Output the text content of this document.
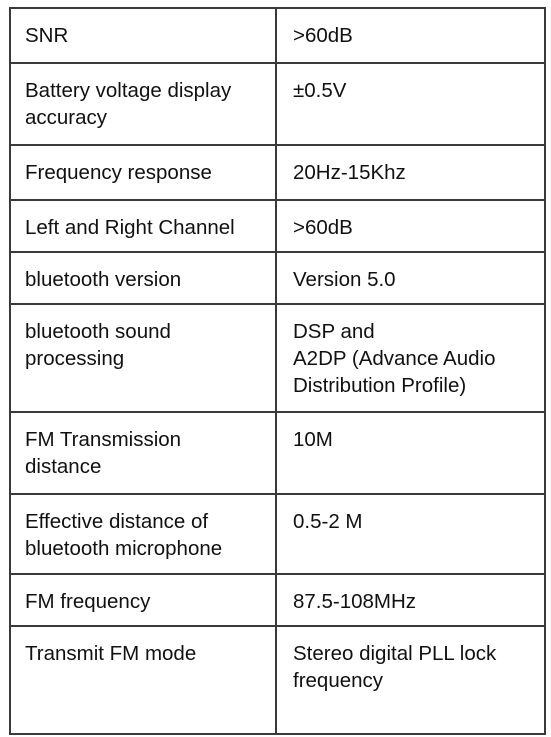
SNR	>60dB
Battery voltage display
accuracy	±0.5V
Frequency response	20Hz-15Khz
Left and Right Channel	>60dB
bluetooth version	Version 5.0
bluetooth sound
processing	DSP and
A2DP (Advance Audio
Distribution Profile)
FM Transmission
distance	10M
Effective distance of
bluetooth microphone	0.5-2 M
FM frequency	87.5-108MHz
Transmit FM mode	Stereo digital PLL lock
frequency
